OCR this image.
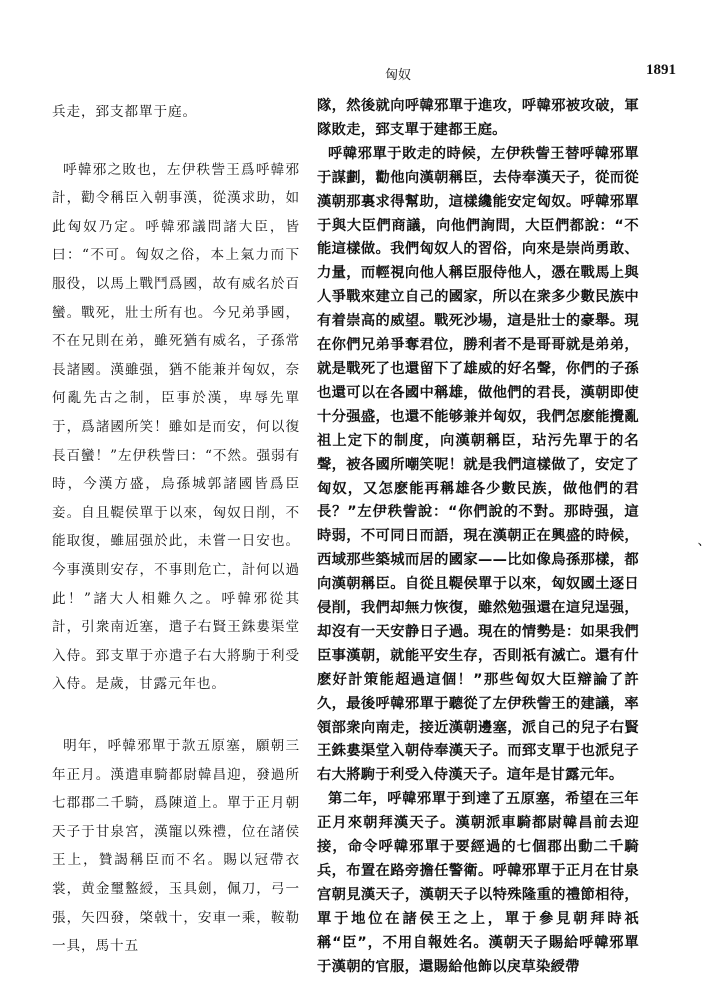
匈奴	1891

兵走，郅支都單于庭。

呼韓邪之敗也，左伊秩訾王爲呼韓邪計，勸令稱臣入朝事漢，從漢求助，如此匈奴乃定。呼韓邪議問諸大臣，皆曰：“不可。匈奴之俗，本上氣力而下服役，以馬上戰鬥爲國，故有威名於百蠻。戰死，壯士所有也。今兄弟爭國，不在兄則在弟，雖死猶有威名，子孫常長諸國。漢雖强，猶不能兼并匈奴，奈何亂先古之制，臣事於漢，卑辱先單于，爲諸國所笑！雖如是而安，何以復長百蠻！”左伊秩訾曰：“不然。强弱有時，今漢方盛，烏孫城郭諸國皆爲臣妾。自且鞮侯單于以來，匈奴日削，不能取復，雖屈强於此，未嘗一日安也。今事漢則安存，不事則危亡，計何以過此！”諸大人相難久之。呼韓邪從其計，引衆南近塞，遣子右賢王銖婁渠堂入侍。郅支單于亦遣子右大將駒于利受入侍。是歲，甘露元年也。

明年，呼韓邪單于款五原塞，願朝三年正月。漢遣車騎都尉韓昌迎，發過所七郡郡二千騎，爲陳道上。單于正月朝天子于甘泉宮，漢寵以殊禮，位在諸侯王上，贊謁稱臣而不名。賜以冠帶衣裳，黄金璽盭綬，玉具劍，佩刀，弓一張，矢四發，棨戟十，安車一乘，鞍勒一具，馬十五

隊，然後就向呼韓邪單于進攻，呼韓邪被攻破，軍隊敗走，郅支單于建都王庭。

呼韓邪單于敗走的時候，左伊秩訾王替呼韓邪單于謀劃，勸他向漢朝稱臣，去侍奉漢天子，從而從漢朝那裏求得幫助，這樣纔能安定匈奴。呼韓邪單于與大臣們商議，向他們詢問，大臣們都說：“不能這樣做。我們匈奴人的習俗，向來是崇尚勇敢、力量，而輕視向他人稱臣服侍他人，憑在戰馬上與人爭戰來建立自己的國家，所以在衆多少數民族中有着崇高的威望。戰死沙場，這是壯士的豪舉。現在你們兄弟爭奪君位，勝利者不是哥哥就是弟弟，就是戰死了也還留下了雄威的好名聲，你們的子孫也還可以在各國中稱雄，做他們的君長，漢朝即使十分强盛，也還不能够兼并匈奴，我們怎麽能攪亂祖上定下的制度，向漢朝稱臣，玷污先單于的名聲，被各國所嘲笑呢！就是我們這樣做了，安定了匈奴，又怎麽能再稱雄各少數民族，做他們的君長？”左伊秩訾說：“你們說的不對。那時强，這時弱，不可同日而語，現在漢朝正在興盛的時候，西域那些築城而居的國家——比如像烏孫那樣，都向漢朝稱臣。自從且鞮侯單于以來，匈奴國土逐日侵削，我們却無力恢復，雖然勉强還在這兒逞强，却沒有一天安静日子過。現在的情勢是：如果我們臣事漢朝，就能平安生存，否則祇有滅亡。還有什麽好計策能超過這個！”那些匈奴大臣辯論了許久，最後呼韓邪單于聽從了左伊秩訾王的建議，率領部衆向南走，接近漢朝邊塞，派自己的兒子右賢王銖婁渠堂入朝侍奉漢天子。而郅支單于也派兒子右大將駒于利受入侍漢天子。這年是甘露元年。

第二年，呼韓邪單于到達了五原塞，希望在三年正月來朝拜漢天子。漢朝派車騎都尉韓昌前去迎接，命令呼韓邪單于要經過的七個郡出動二千騎兵，布置在路旁擔任警衛。呼韓邪單于正月在甘泉宫朝見漢天子，漢朝天子以特殊隆重的禮節相待，單于地位在諸侯王之上，單于參見朝拜時祇稱“臣”，不用自報姓名。漢朝天子賜給呼韓邪單于漢朝的官服，還賜給他飾以戾草染綬帶

、
